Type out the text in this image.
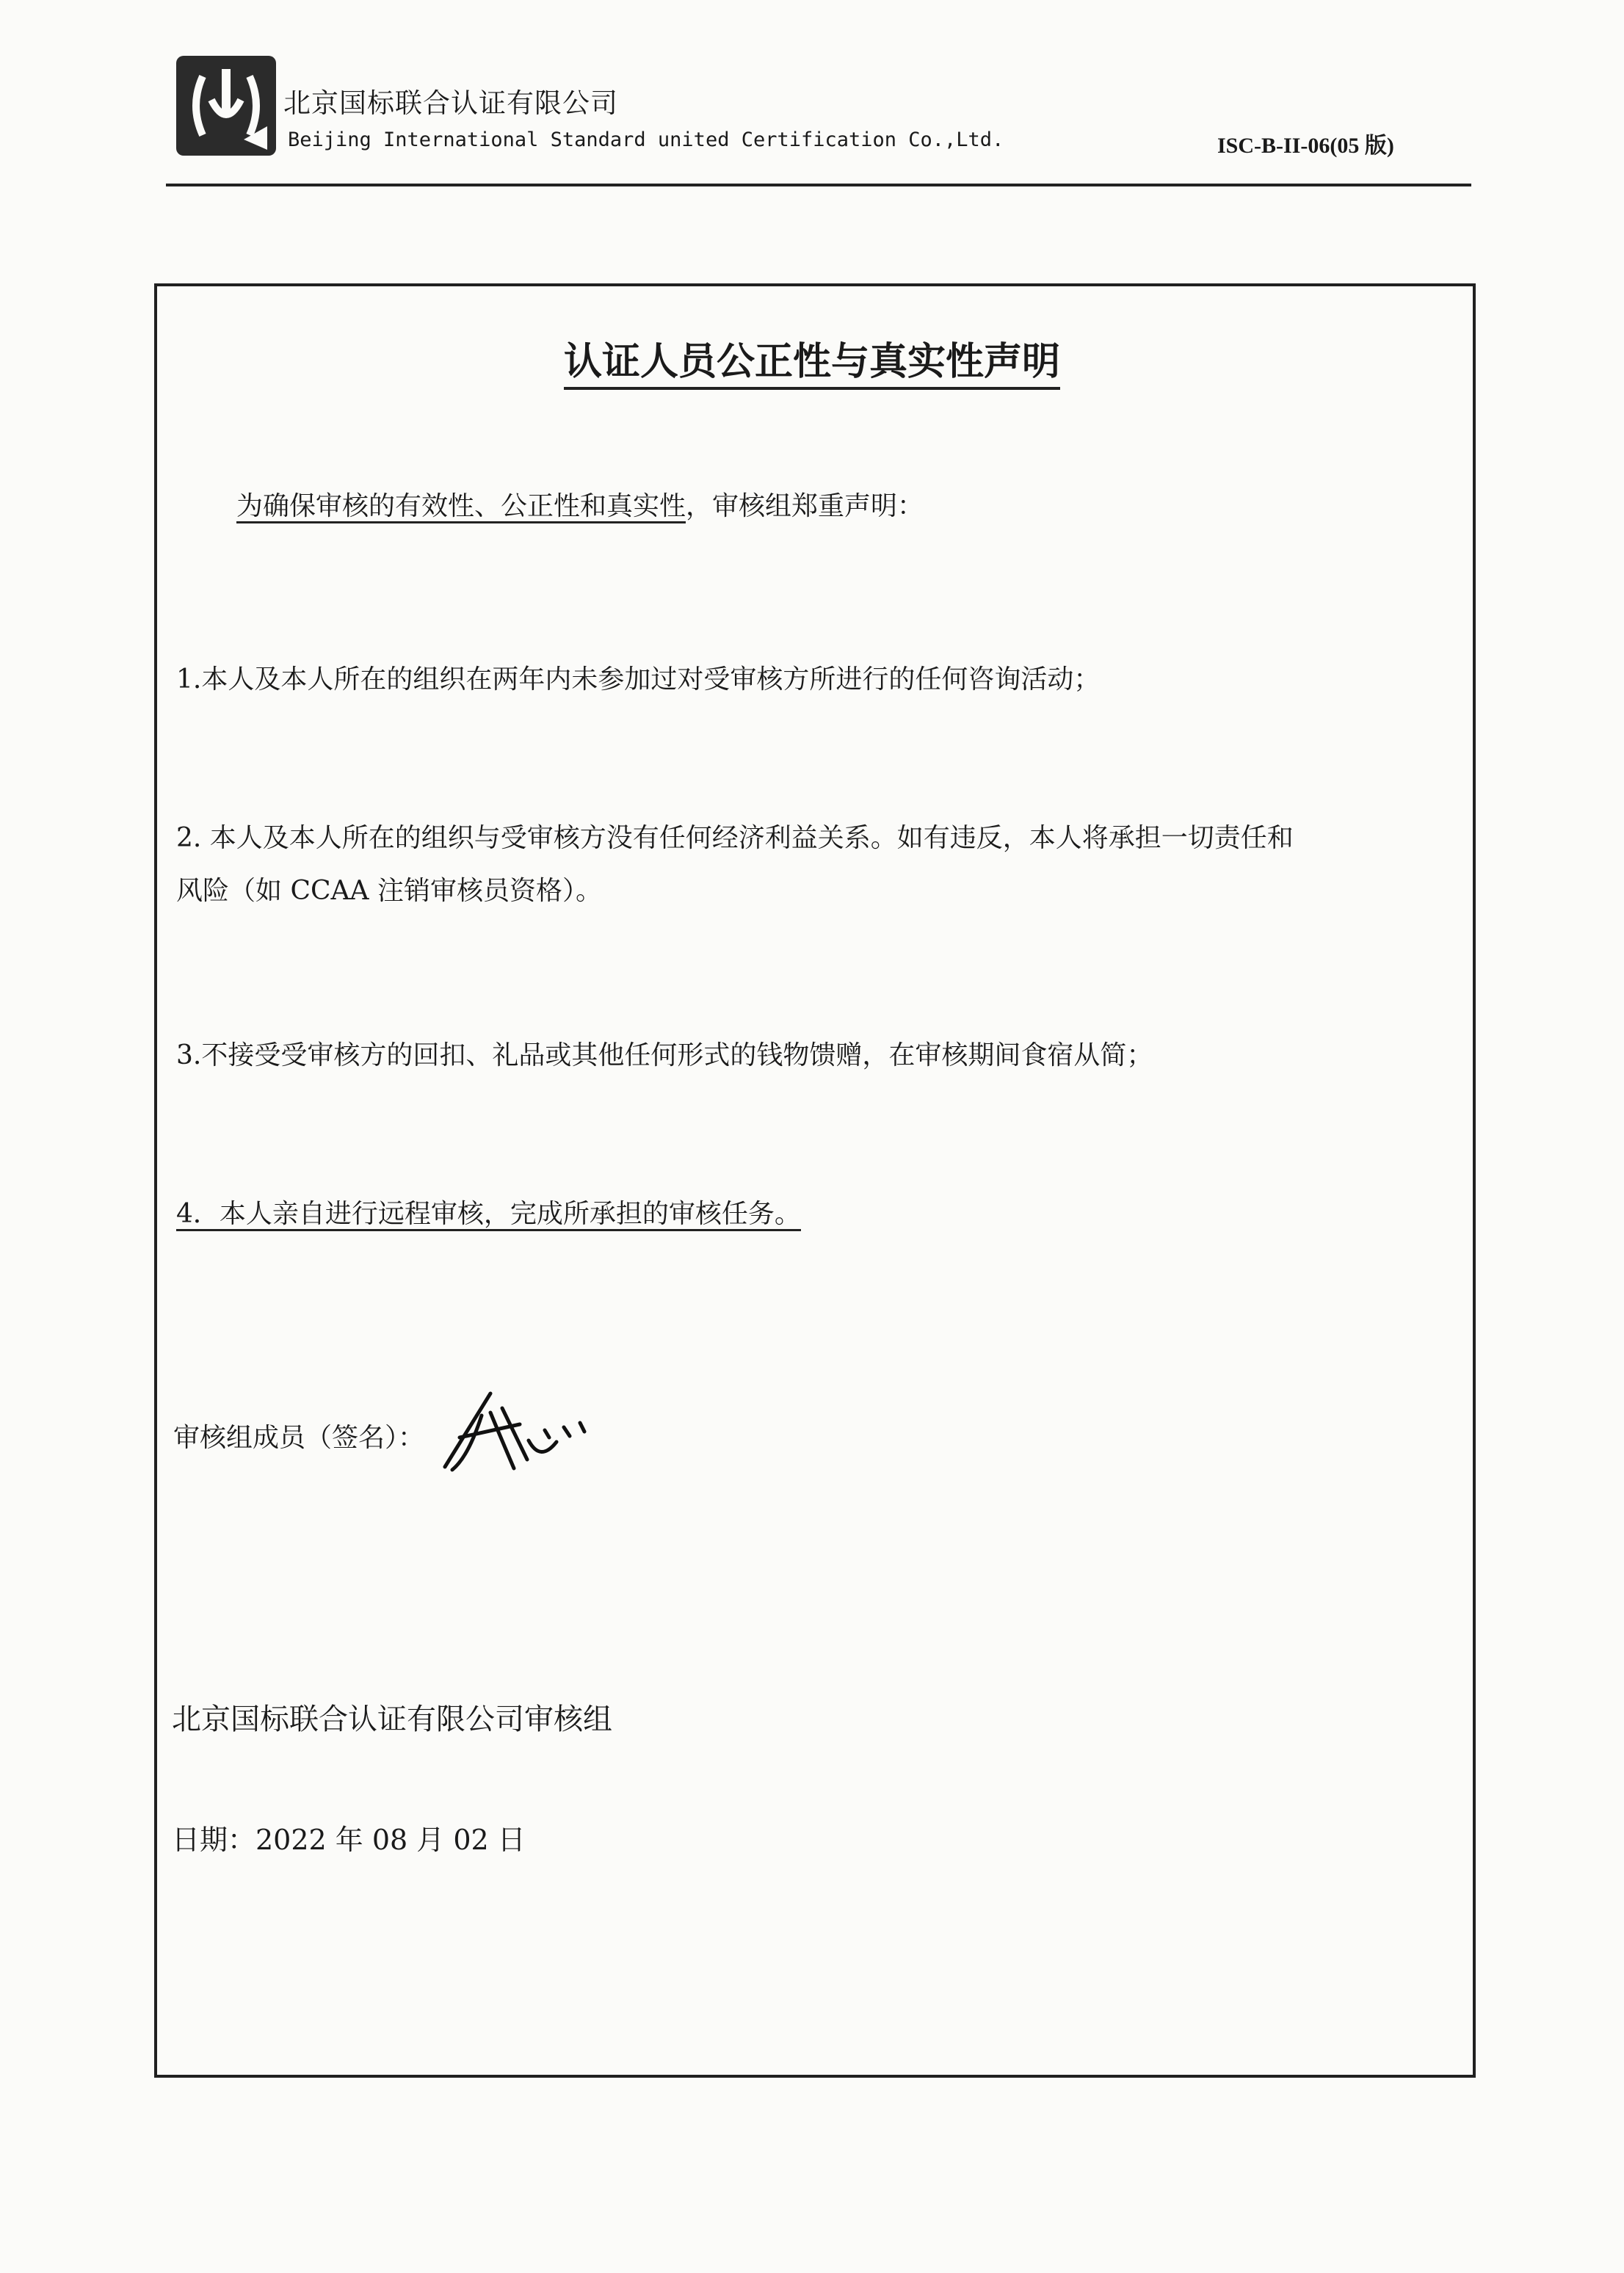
北京国标联合认证有限公司
Beijing International Standard united Certification Co.,Ltd.	ISC-B-II-06(05 版)
认证人员公正性与真实性声明
为确保审核的有效性、公正性和真实性，审核组郑重声明：
1.本人及本人所在的组织在两年内未参加过对受审核方所进行的任何咨询活动；
2. 本人及本人所在的组织与受审核方没有任何经济利益关系。如有违反，本人将承担一切责任和
风险（如 CCAA 注销审核员资格）。
3.不接受受审核方的回扣、礼品或其他任何形式的钱物馈赠，在审核期间食宿从简；
4．本人亲自进行远程审核，完成所承担的审核任务。
审核组成员（签名）：
北京国标联合认证有限公司审核组
日期：2022 年 08 月 02 日
